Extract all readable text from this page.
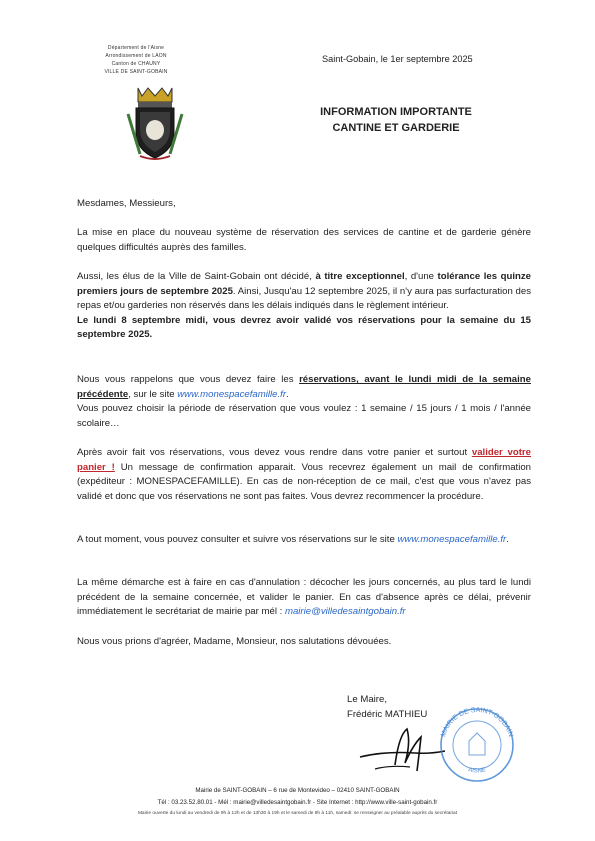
Département de l'Aisne
Arrondissement de LAON
Canton de CHAUNY
VILLE DE SAINT-GOBAIN
Saint-Gobain, le 1er septembre 2025
INFORMATION IMPORTANTE
CANTINE ET GARDERIE
Mesdames, Messieurs,
La mise en place du nouveau système de réservation des services de cantine et de garderie génère quelques difficultés auprès des familles.
Aussi, les élus de la Ville de Saint-Gobain ont décidé, à titre exceptionnel, d'une tolérance les quinze premiers jours de septembre 2025. Ainsi, Jusqu'au 12 septembre 2025, il n'y aura pas surfacturation des repas et/ou garderies non réservés dans les délais indiqués dans le règlement intérieur.
Le lundi 8 septembre midi, vous devrez avoir validé vos réservations pour la semaine du 15 septembre 2025.
Nous vous rappelons que vous devez faire les réservations, avant le lundi midi de la semaine précédente, sur le site www.monespacefamille.fr.
Vous pouvez choisir la période de réservation que vous voulez : 1 semaine / 15 jours / 1 mois / l'année scolaire…
Après avoir fait vos réservations, vous devez vous rendre dans votre panier et surtout valider votre panier ! Un message de confirmation apparait. Vous recevrez également un mail de confirmation (expéditeur : MONESPACEFAMILLE). En cas de non-réception de ce mail, c'est que vous n'avez pas validé et donc que vos réservations ne sont pas faites. Vous devrez recommencer la procédure.
A tout moment, vous pouvez consulter et suivre vos réservations sur le site www.monespacefamille.fr.
La même démarche est à faire en cas d'annulation : décocher les jours concernés, au plus tard le lundi précédent de la semaine concernée, et valider le panier. En cas d'absence après ce délai, prévenir immédiatement le secrétariat de mairie par mél : mairie@villedesaintgobain.fr
Nous vous prions d'agréer, Madame, Monsieur, nos salutations dévouées.
Le Maire,
Frédéric MATHIEU
MAIRIE DE SAINT-GOBAIN
AISNE
Mairie de SAINT-GOBAIN – 6 rue de Montevideo – 02410 SAINT-GOBAIN
Tél : 03.23.52.80.01 - Mél : mairie@villedesaintgobain.fr - Site Internet : http://www.ville-saint-gobain.fr
Mairie ouverte du lundi au vendredi de 9h à 12h et de 13h30 à 19h et le samedi de 9h à 11h, samedi: se renseigner au préalable auprès du secrétariat
